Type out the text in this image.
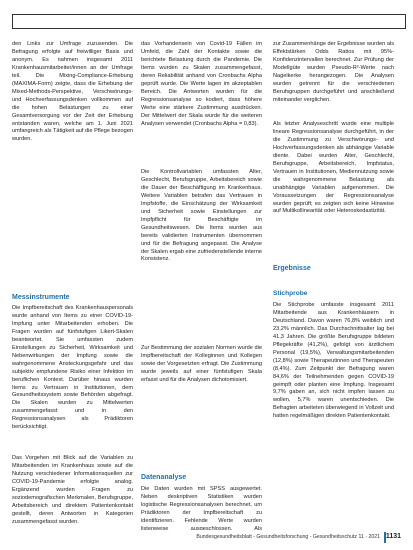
den Links zur Umfrage zuzusenden. Die Befragung erfolgte auf freiwilliger Basis und anonym. Es nahmen insgesamt 2011 Krankenhausmitarbeiter/innen an der Umfrage teil. Die Mixing-Compliance-Erhebung (MAXIMA-Form) zeigte, dass die Erhebung der Mixed-Methods-Perspektive, Verschwörungs- und Hochverfassungsdenken vollkommen auf die hohen Belastungen zu einer Gesamtversorgung vor der Zeit der Erhebung entstanden waren, welche am 1. Juni 2021 umfangreich als Tätigkeit auf die Pflege bezogen wurden.

Messinstrumente

Die Impfbereitschaft des Krankenhauspersonals wurde anhand von Items zu einer COVID-19-Impfung unter Mitarbeitenden erhoben. Die Fragen wurden auf fünfstufigen Likert-Skalen beantwortet. Sie umfassten zudem Einstellungen zu Sicherheit, Wirksamkeit und Nebenwirkungen der Impfung sowie die wahrgenommene Ansteckungsgefahr und das subjektiv empfundene Risiko einer Infektion im beruflichen Kontext. Darüber hinaus wurden Items zu Vertrauen in Institutionen, dem Gesundheitssystem sowie Behörden abgefragt. Die Skalen wurden zu Mittelwerten zusammengefasst und in den Regressionsanalysen als Prädiktoren berücksichtigt.

Das Vorgehen mit Blick auf die Variablen zu Mitarbeitenden im Krankenhaus sowie auf die Nutzung verschiedener Informationsquellen zur COVID-19-Pandemie erfolgte analog. Ergänzend wurden Fragen zu soziodemografischen Merkmalen, Berufsgruppe, Arbeitsbereich und direktem Patientenkontakt gestellt, deren Antworten in Kategorien zusammengefasst wurden.

das Vorhandensein von Covid-19 Fällen im Umfeld, die Zahl der Kontakte sowie die berichtete Belastung durch die Pandemie. Die Items wurden zu Skalen zusammengefasst, deren Reliabilität anhand von Cronbachs Alpha geprüft wurde. Die Werte lagen im akzeptablen Bereich. Die Antworten wurden für die Regressionsanalyse so kodiert, dass höhere Werte eine stärkere Zustimmung ausdrücken. Der Mittelwert der Skala wurde für die weiteren Analysen verwendet (Cronbachs Alpha = 0,83).

Die Kontrollvariablen umfassten Alter, Geschlecht, Berufsgruppe, Arbeitsbereich sowie die Dauer der Beschäftigung im Krankenhaus. Weitere Variablen betrafen das Vertrauen in Impfstoffe, die Einschätzung der Wirksamkeit und Sicherheit sowie Einstellungen zur Impfpflicht für Beschäftigte im Gesundheitswesen. Die Items wurden aus bereits validierten Instrumenten übernommen und für die Befragung angepasst. Die Analyse der Skalen ergab eine zufriedenstellende interne Konsistenz.

Zur Bestimmung der sozialen Normen wurde die Impfbereitschaft der Kolleginnen und Kollegen sowie der Vorgesetzten erfragt. Die Zustimmung wurde jeweils auf einer fünfstufigen Skala erfasst und für die Analysen dichotomisiert.

Datenanalyse

Die Daten wurden mit SPSS ausgewertet. Neben deskriptiven Statistiken wurden logistische Regressionsanalysen berechnet, um Prädiktoren der Impfbereitschaft zu identifizieren. Fehlende Werte wurden listenweise ausgeschlossen. Als

zur Zusammenhänge der Ergebnisse wurden als Effektstärken Odds Ratios mit 95%-Konfidenzintervallen berechnet. Zur Prüfung der Modellgüte wurden Pseudo-R²-Werte nach Nagelkerke herangezogen. Die Analysen wurden getrennt für die verschiedenen Berufsgruppen durchgeführt und anschließend miteinander verglichen.

Als letzter Analyseschritt wurde eine multiple lineare Regressionsanalyse durchgeführt, in der die Zustimmung zu Verschwörungs- und Hochverfassungsdenken als abhängige Variable diente. Dabei wurden Alter, Geschlecht, Berufsgruppe, Arbeitsbereich, Impfstatus, Vertrauen in Institutionen, Mediennutzung sowie die wahrgenommene Belastung als unabhängige Variablen aufgenommen. Die Voraussetzungen der Regressionsanalyse wurden geprüft; es zeigten sich keine Hinweise auf Multikollinearität oder Heteroskedastizität.

Ergebnisse

Stichprobe

Die Stichprobe umfasste insgesamt 2011 Mitarbeitende aus Krankenhäusern in Deutschland. Davon waren 76,8% weiblich und 23,2% männlich. Das Durchschnittsalter lag bei 41,3 Jahren. Die größte Berufsgruppe bildeten Pflegekräfte (41,2%), gefolgt von ärztlichem Personal (19,5%), Verwaltungsmitarbeitenden (12,8%) sowie Therapeutinnen und Therapeuten (8,4%). Zum Zeitpunkt der Befragung waren 84,6% der Teilnehmenden gegen COVID-19 geimpft oder planten eine Impfung. Insgesamt 9,7% gaben an, sich nicht impfen lassen zu wollen, 5,7% waren unentschieden. Die Befragten arbeiteten überwiegend in Vollzeit und hatten regelmäßigen direkten Patientenkontakt.

Bundesgesundheitsblatt - Gesundheitsforschung - Gesundheitsschutz 11 · 2021 1131
